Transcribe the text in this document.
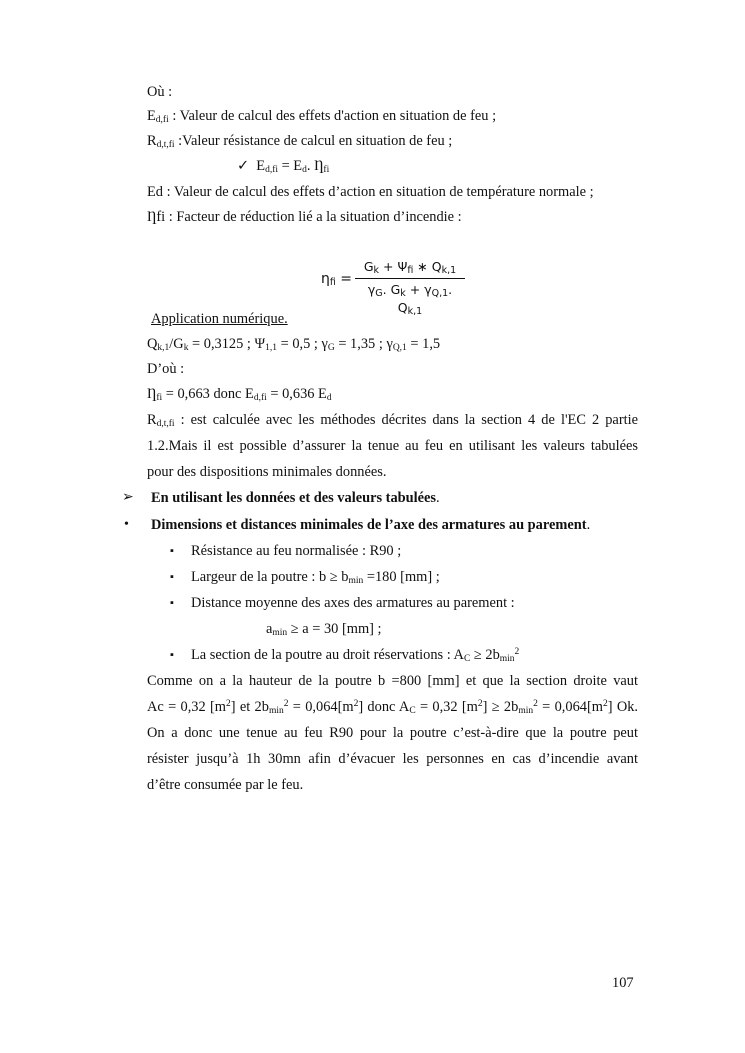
Où :
$E_{d,fi}$ : Valeur de calcul des effets d'action en situation de feu ;
$R_{d,t,fi}$ :Valeur résistance de calcul en situation de feu ;
✓ $E_{d,fi} = E_d$. $Ƞ_{fi}$
Ed : Valeur de calcul des effets d’action en situation de température normale ;
Ƞfi : Facteur de réduction lié a la situation d’incendie :
$\eta_{fi}$ =
$G_k + \Psi_{fi}$ ∗ $Q_{k,1}$
$\gamma_G$. $G_k + \gamma_{Q,1}$. $Q_{k,1}$
Application numérique.
$Q_{k,1}/G_k = 0,3125$ ; $\Psi_{1,1} = 0,5$ ; $\gamma_G = 1,35$ ; $\gamma_{Q,1} = 1,5$
D’où :
$Ƞ_{fi} = 0,663$ donc $E_{d,fi} = 0,636$ $E_d$
$R_{d,t,fi}$ : est calculée avec les méthodes décrites dans la section 4 de l'EC 2 partie
1.2.Mais il est possible d’assurer la tenue au feu en utilisant les valeurs tabulées
pour des dispositions minimales données.
➢ En utilisant les données et des valeurs tabulées.
• Dimensions et distances minimales de l’axe des armatures au parement.
▪ Résistance au feu normalisée : R90 ;
▪ Largeur de la poutre : $b \ge b_{min} =180$ [mm] ;
▪ Distance moyenne des axes des armatures au parement :
$a_{min} \ge a = 30$ [mm] ;
▪ La section de la poutre au droit réservations : $A_C \ge 2b_{min}^2$
Comme on a la hauteur de la poutre b =800 [mm] et que la section droite vaut
Ac = 0,32 $[m^2]$ et $2b_{min}^2 = 0,064[m^2]$ donc $A_C = 0,32$ $[m^2] \ge 2b_{min}^2 = 0,064[m^2]$ Ok.
On a donc une tenue au feu R90 pour la poutre c’est-à-dire que la poutre peut
résister jusqu’à 1h 30mn afin d’évacuer les personnes en cas d’incendie avant
d’être consumée par le feu.
107
